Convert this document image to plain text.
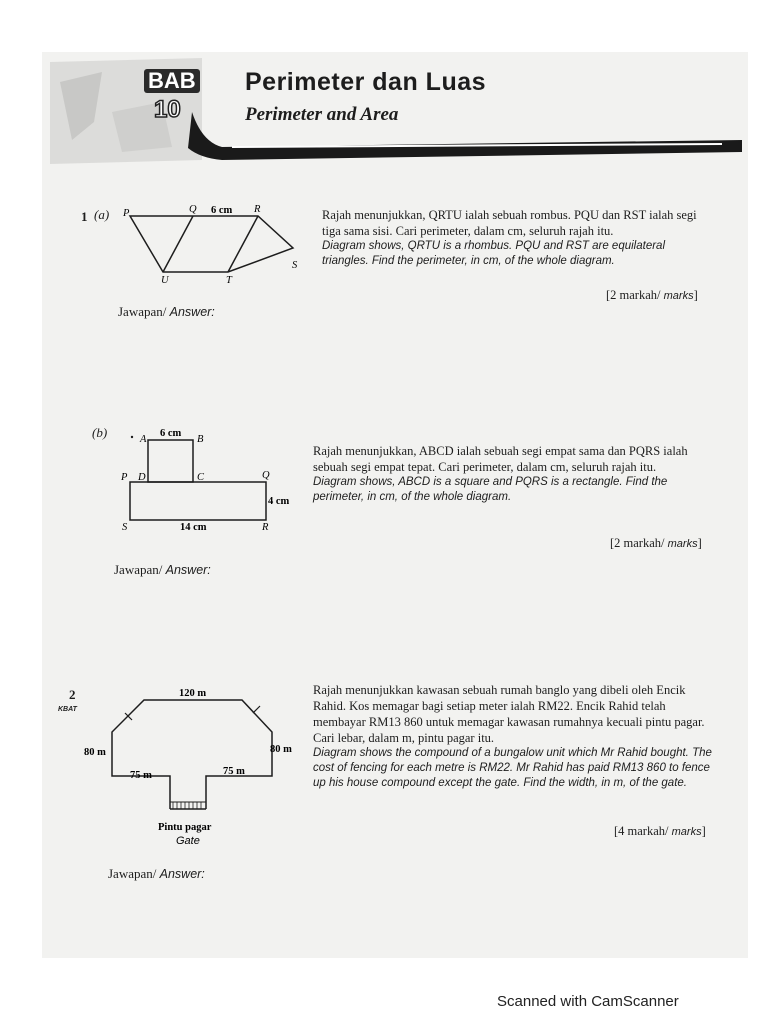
BAB
10
Perimeter dan Luas
Perimeter and Area
1 (a) P	Q	R
S
T
U
6 cm	Rajah menunjukkan, QRTU ialah sebuah rombus. PQU dan RST ialah segi tiga sama sisi. Cari perimeter, dalam cm, seluruh rajah itu.

Diagram shows, QRTU is a rhombus. PQU and RST are equilateral triangles. Find the perimeter, in cm, of the whole diagram.

[2 markah/ marks]
Jawapan/ Answer:
(b)	A	B
C
D
P	Q
R
S
6 cm
4 cm
14 cm

Rajah menunjukkan, ABCD ialah sebuah segi empat sama dan PQRS ialah sebuah segi empat tepat. Cari perimeter, dalam cm, seluruh rajah itu.

Diagram shows, ABCD is a square and PQRS is a rectangle. Find the perimeter, in cm, of the whole diagram.

[2 markah/ marks]
Jawapan/ Answer:
2
KBAT
120 m
80 m	80 m
75 m	75 m
Pintu pagar
Gate

Rajah menunjukkan kawasan sebuah rumah banglo yang dibeli oleh Encik Rahid. Kos memagar bagi setiap meter ialah RM22. Encik Rahid telah membayar RM13 860 untuk memagar kawasan rumahnya kecuali pintu pagar. Cari lebar, dalam m, pintu pagar itu.

Diagram shows the compound of a bungalow unit which Mr Rahid bought. The cost of fencing for each metre is RM22. Mr Rahid has paid RM13 860 to fence up his house compound except the gate. Find the width, in m, of the gate.

[4 markah/ marks]
Jawapan/ Answer:
Scanned with CamScanner
